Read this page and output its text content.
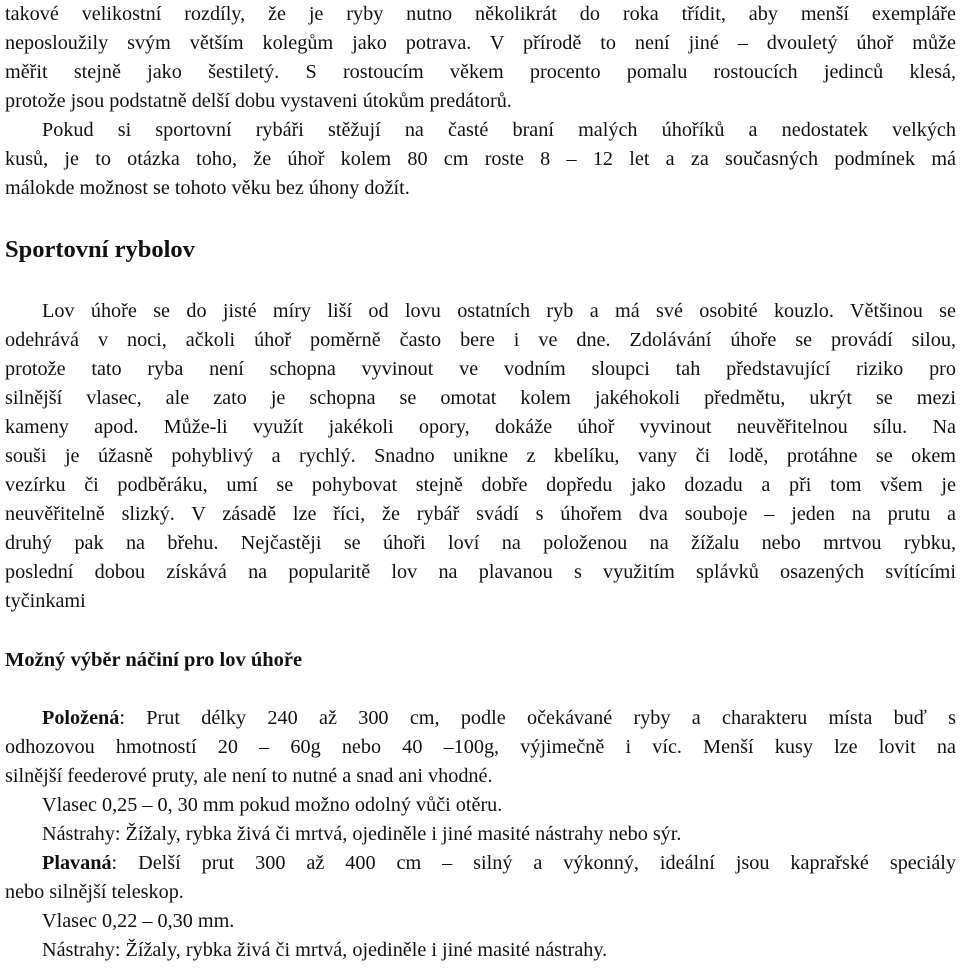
takové velikostní rozdíly, že je ryby nutno několikrát do roka třídit, aby menší exempláře
neposloužily svým větším kolegům jako potrava. V přírodě to není jiné – dvouletý úhoř může
měřit stejně jako šestiletý. S rostoucím věkem procento pomalu rostoucích jedinců klesá,
protože jsou podstatně delší dobu vystaveni útokům predátorů.
Pokud si sportovní rybáři stěžují na časté braní malých úhoříků a nedostatek velkých
kusů, je to otázka toho, že úhoř kolem 80 cm roste 8 – 12 let a za současných podmínek má
málokde možnost se tohoto věku bez úhony dožít.
Sportovní rybolov
Lov úhoře se do jisté míry liší od lovu ostatních ryb a má své osobité kouzlo. Většinou se
odehrává v noci, ačkoli úhoř poměrně často bere i ve dne. Zdolávání úhoře se provádí silou,
protože tato ryba není schopna vyvinout ve vodním sloupci tah představující riziko pro
silnější vlasec, ale zato je schopna se omotat kolem jakéhokoli předmětu, ukrýt se mezi
kameny apod. Může-li využít jakékoli opory, dokáže úhoř vyvinout neuvěřitelnou sílu. Na
souši je úžasně pohyblivý a rychlý. Snadno unikne z kbelíku, vany či lodě, protáhne se okem
vezírku či podběráku, umí se pohybovat stejně dobře dopředu jako dozadu a při tom všem je
neuvěřitelně slizký. V zásadě lze říci, že rybář svádí s úhořem dva souboje – jeden na prutu a
druhý pak na břehu. Nejčastěji se úhoři loví na položenou na žížalu nebo mrtvou rybku,
poslední dobou získává na popularitě lov na plavanou s využitím splávků osazených svítícími
tyčinkami
Možný výběr náčiní pro lov úhoře
Položená: Prut délky 240 až 300 cm, podle očekávané ryby a charakteru místa buď s
odhozovou hmotností 20 – 60g nebo 40 –100g, výjimečně i víc. Menší kusy lze lovit na
silnější feederové pruty, ale není to nutné a snad ani vhodné.
Vlasec 0,25 – 0, 30 mm pokud možno odolný vůči otěru.
Nástrahy: Žížaly, rybka živá či mrtvá, ojediněle i jiné masité nástrahy nebo sýr.
Plavaná: Delší prut 300 až 400 cm – silný a výkonný, ideální jsou kaprařské speciály
nebo silnější teleskop.
Vlasec 0,22 – 0,30 mm.
Nástrahy: Žížaly, rybka živá či mrtvá, ojediněle i jiné masité nástrahy.
